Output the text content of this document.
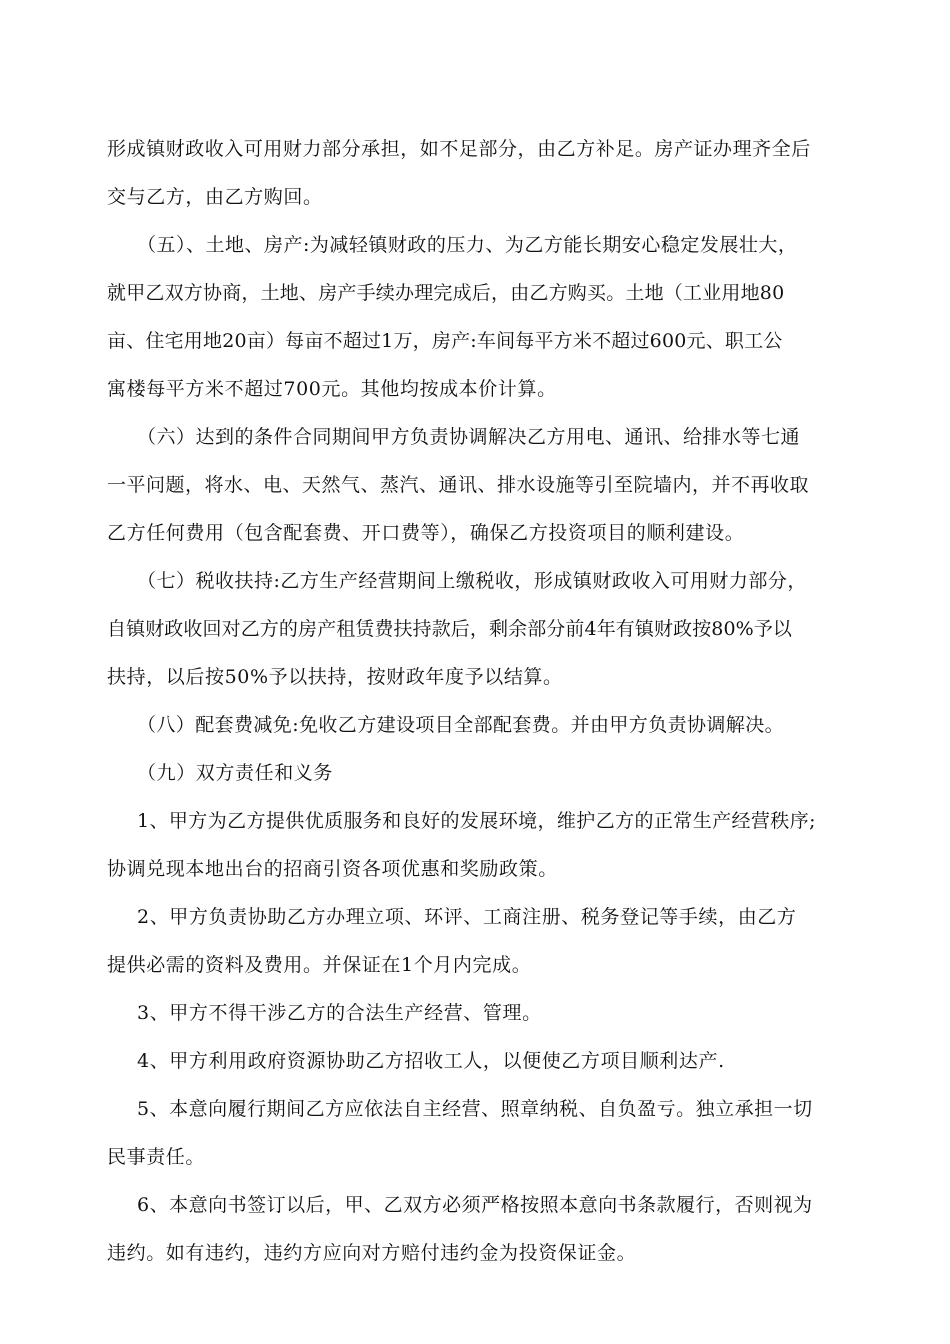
形成镇财政收入可用财力部分承担，如不足部分，由乙方补足。房产证办理齐全后
交与乙方，由乙方购回。
（五）、土地、房产:为减轻镇财政的压力、为乙方能长期安心稳定发展壮大，
就甲乙双方协商，土地、房产手续办理完成后，由乙方购买。土地（工业用地80
亩、住宅用地20亩）每亩不超过1万，房产:车间每平方米不超过600元、职工公
寓楼每平方米不超过700元。其他均按成本价计算。
（六）达到的条件合同期间甲方负责协调解决乙方用电、通讯、给排水等七通
一平问题，将水、电、天然气、蒸汽、通讯、排水设施等引至院墙内，并不再收取
乙方任何费用（包含配套费、开口费等），确保乙方投资项目的顺利建设。
（七）税收扶持:乙方生产经营期间上缴税收，形成镇财政收入可用财力部分，
自镇财政收回对乙方的房产租赁费扶持款后，剩余部分前4年有镇财政按80%予以
扶持，以后按50%予以扶持，按财政年度予以结算。
（八）配套费减免:免收乙方建设项目全部配套费。并由甲方负责协调解决。
（九）双方责任和义务
1、甲方为乙方提供优质服务和良好的发展环境，维护乙方的正常生产经营秩序;
协调兑现本地出台的招商引资各项优惠和奖励政策。
2、甲方负责协助乙方办理立项、环评、工商注册、税务登记等手续，由乙方
提供必需的资料及费用。并保证在1个月内完成。
3、甲方不得干涉乙方的合法生产经营、管理。
4、甲方利用政府资源协助乙方招收工人，以便使乙方项目顺利达产.
5、本意向履行期间乙方应依法自主经营、照章纳税、自负盈亏。独立承担一切
民事责任。
6、本意向书签订以后，甲、乙双方必须严格按照本意向书条款履行，否则视为
违约。如有违约，违约方应向对方赔付违约金为投资保证金。
